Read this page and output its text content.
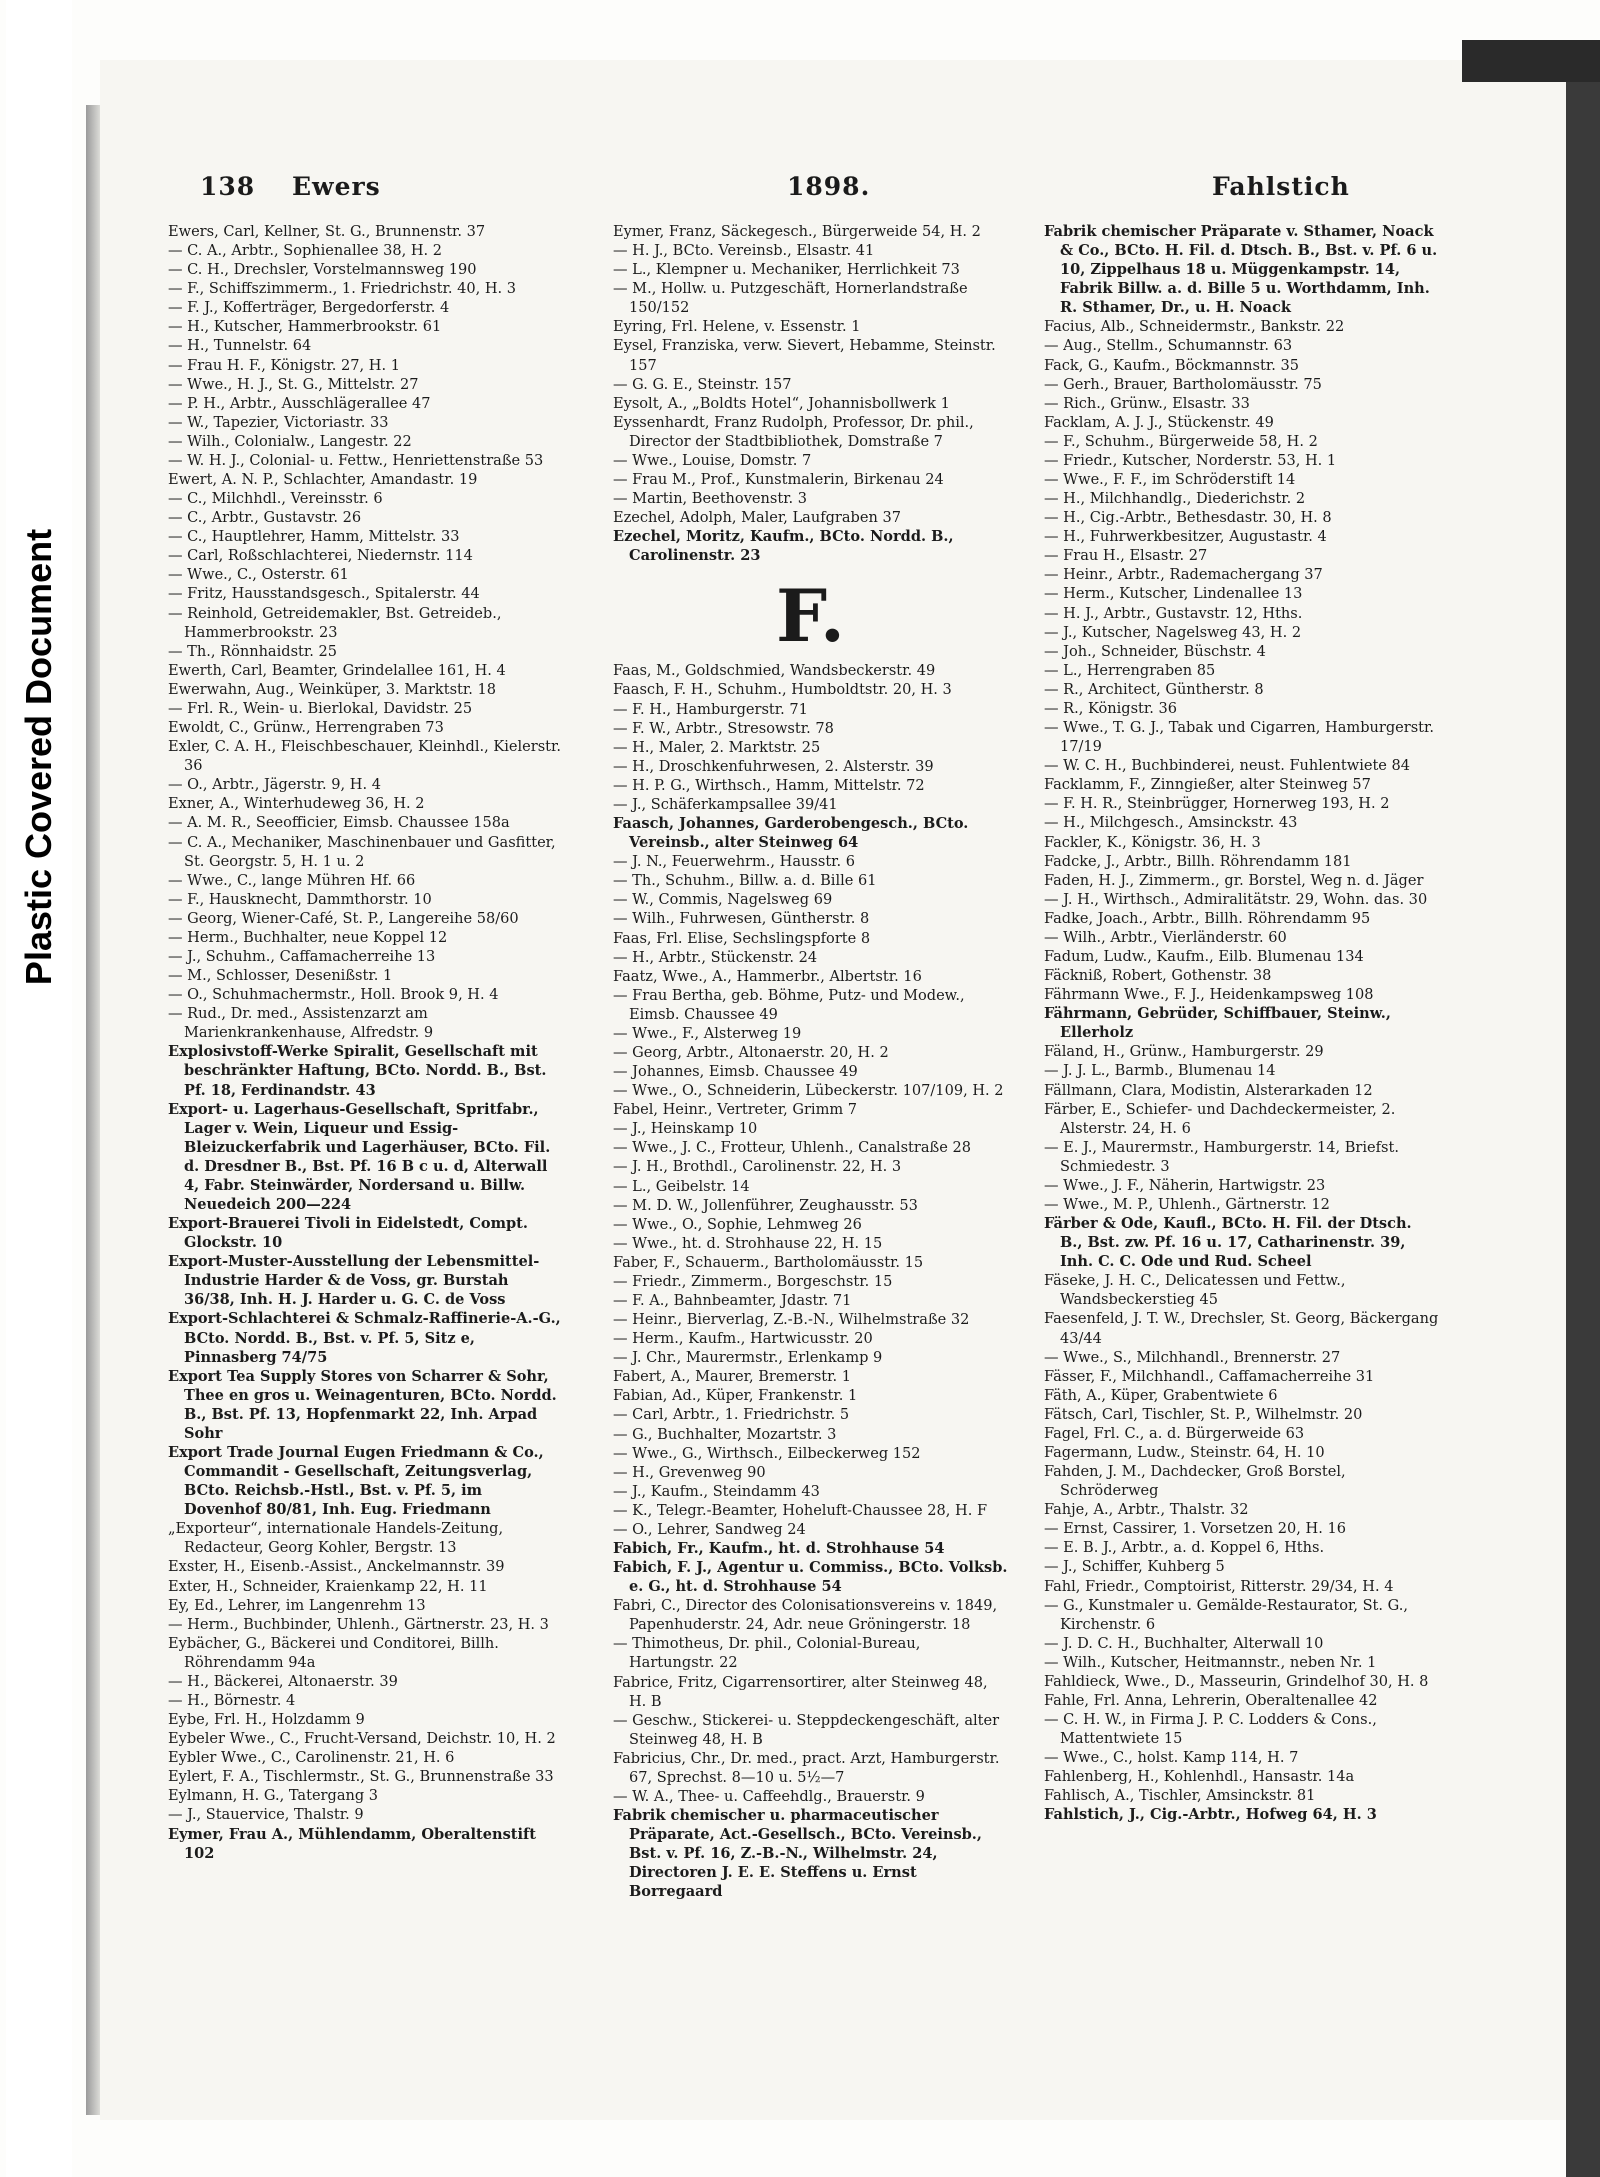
Plastic Covered Document
138 Ewers	1898.	Fahlstich
Ewers, Carl, Kellner, St. G., Brunnenstr. 37
— C. A., Arbtr., Sophienallee 38, H. 2
— C. H., Drechsler, Vorstelmannsweg 190
— F., Schiffszimmerm., 1. Friedrichstr. 40, H. 3
— F. J., Kofferträger, Bergedorferstr. 4
— H., Kutscher, Hammerbrookstr. 61
— H., Tunnelstr. 64
— Frau H. F., Königstr. 27, H. 1
— Wwe., H. J., St. G., Mittelstr. 27
— P. H., Arbtr., Ausschlägerallee 47
— W., Tapezier, Victoriastr. 33
— Wilh., Colonialw., Langestr. 22
— W. H. J., Colonial- u. Fettw., Henriettenstraße 53
Ewert, A. N. P., Schlachter, Amandastr. 19
— C., Milchhdl., Vereinsstr. 6
— C., Arbtr., Gustavstr. 26
— C., Hauptlehrer, Hamm, Mittelstr. 33
— Carl, Roßschlachterei, Niedernstr. 114
— Wwe., C., Osterstr. 61
— Fritz, Hausstandsgesch., Spitalerstr. 44
— Reinhold, Getreidemakler, Bst. Getreideb., Hammerbrookstr. 23
— Th., Rönnhaidstr. 25
Ewerth, Carl, Beamter, Grindelallee 161, H. 4
Ewerwahn, Aug., Weinküper, 3. Marktstr. 18
— Frl. R., Wein- u. Bierlokal, Davidstr. 25
Ewoldt, C., Grünw., Herrengraben 73
Exler, C. A. H., Fleischbeschauer, Kleinhdl., Kielerstr. 36
— O., Arbtr., Jägerstr. 9, H. 4
Exner, A., Winterhudeweg 36, H. 2
— A. M. R., Seeofficier, Eimsb. Chaussee 158a
— C. A., Mechaniker, Maschinenbauer und Gasfitter, St. Georgstr. 5, H. 1 u. 2
— Wwe., C., lange Mühren Hf. 66
— F., Hausknecht, Dammthorstr. 10
— Georg, Wiener-Café, St. P., Langereihe 58/60
— Herm., Buchhalter, neue Koppel 12
— J., Schuhm., Caffamacherreihe 13
— M., Schlosser, Desenißstr. 1
— O., Schuhmachermstr., Holl. Brook 9, H. 4
— Rud., Dr. med., Assistenzarzt am Marienkrankenhause, Alfredstr. 9
Explosivstoff-Werke Spiralit, Gesellschaft mit beschränkter Haftung, BCto. Nordd. B., Bst. Pf. 18, Ferdinandstr. 43
Export- u. Lagerhaus-Gesellschaft, Spritfabr., Lager v. Wein, Liqueur und Essig-Bleizuckerfabrik und Lagerhäuser, BCto. Fil. d. Dresdner B., Bst. Pf. 16 B c u. d, Alterwall 4, Fabr. Steinwärder, Nordersand u. Billw. Neuedeich 200—224
Export-Brauerei Tivoli in Eidelstedt, Compt. Glockstr. 10
Export-Muster-Ausstellung der Lebensmittel-Industrie Harder & de Voss, gr. Burstah 36/38, Inh. H. J. Harder u. G. C. de Voss
Export-Schlachterei & Schmalz-Raffinerie-A.-G., BCto. Nordd. B., Bst. v. Pf. 5, Sitz e, Pinnasberg 74/75
Export Tea Supply Stores von Scharrer & Sohr, Thee en gros u. Weinagenturen, BCto. Nordd. B., Bst. Pf. 13, Hopfenmarkt 22, Inh. Arpad Sohr
Export Trade Journal Eugen Friedmann & Co., Commandit - Gesellschaft, Zeitungsverlag, BCto. Reichsb.-Hstl., Bst. v. Pf. 5, im Dovenhof 80/81, Inh. Eug. Friedmann
„Exporteur“, internationale Handels-Zeitung, Redacteur, Georg Kohler, Bergstr. 13
Exster, H., Eisenb.-Assist., Anckelmannstr. 39
Exter, H., Schneider, Kraienkamp 22, H. 11
Ey, Ed., Lehrer, im Langenrehm 13
— Herm., Buchbinder, Uhlenh., Gärtnerstr. 23, H. 3
Eybächer, G., Bäckerei und Conditorei, Billh. Röhrendamm 94a
— H., Bäckerei, Altonaerstr. 39
— H., Börnestr. 4
Eybe, Frl. H., Holzdamm 9
Eybeler Wwe., C., Frucht-Versand, Deichstr. 10, H. 2
Eybler Wwe., C., Carolinenstr. 21, H. 6
Eylert, F. A., Tischlermstr., St. G., Brunnenstraße 33
Eylmann, H. G., Tatergang 3
— J., Stauervice, Thalstr. 9
Eymer, Frau A., Mühlendamm, Oberaltenstift 102
Eymer, Franz, Säckegesch., Bürgerweide 54, H. 2
— H. J., BCto. Vereinsb., Elsastr. 41
— L., Klempner u. Mechaniker, Herrlichkeit 73
— M., Hollw. u. Putzgeschäft, Hornerlandstraße 150/152
Eyring, Frl. Helene, v. Essenstr. 1
Eysel, Franziska, verw. Sievert, Hebamme, Steinstr. 157
— G. G. E., Steinstr. 157
Eysolt, A., „Boldts Hotel“, Johannisbollwerk 1
Eyssenhardt, Franz Rudolph, Professor, Dr. phil., Director der Stadtbibliothek, Domstraße 7
— Wwe., Louise, Domstr. 7
— Frau M., Prof., Kunstmalerin, Birkenau 24
— Martin, Beethovenstr. 3
Ezechel, Adolph, Maler, Laufgraben 37
Ezechel, Moritz, Kaufm., BCto. Nordd. B., Carolinenstr. 23
F.
Faas, M., Goldschmied, Wandsbeckerstr. 49
Faasch, F. H., Schuhm., Humboldtstr. 20, H. 3
— F. H., Hamburgerstr. 71
— F. W., Arbtr., Stresowstr. 78
— H., Maler, 2. Marktstr. 25
— H., Droschkenfuhrwesen, 2. Alsterstr. 39
— H. P. G., Wirthsch., Hamm, Mittelstr. 72
— J., Schäferkampsallee 39/41
Faasch, Johannes, Garderobengesch., BCto. Vereinsb., alter Steinweg 64
— J. N., Feuerwehrm., Hausstr. 6
— Th., Schuhm., Billw. a. d. Bille 61
— W., Commis, Nagelsweg 69
— Wilh., Fuhrwesen, Güntherstr. 8
Faas, Frl. Elise, Sechslingspforte 8
— H., Arbtr., Stückenstr. 24
Faatz, Wwe., A., Hammerbr., Albertstr. 16
— Frau Bertha, geb. Böhme, Putz- und Modew., Eimsb. Chaussee 49
— Wwe., F., Alsterweg 19
— Georg, Arbtr., Altonaerstr. 20, H. 2
— Johannes, Eimsb. Chaussee 49
— Wwe., O., Schneiderin, Lübeckerstr. 107/109, H. 2
Fabel, Heinr., Vertreter, Grimm 7
— J., Heinskamp 10
— Wwe., J. C., Frotteur, Uhlenh., Canalstraße 28
— J. H., Brothdl., Carolinenstr. 22, H. 3
— L., Geibelstr. 14
— M. D. W., Jollenführer, Zeughausstr. 53
— Wwe., O., Sophie, Lehmweg 26
— Wwe., ht. d. Strohhause 22, H. 15
Faber, F., Schauerm., Bartholomäusstr. 15
— Friedr., Zimmerm., Borgeschstr. 15
— F. A., Bahnbeamter, Jdastr. 71
— Heinr., Bierverlag, Z.-B.-N., Wilhelmstraße 32
— Herm., Kaufm., Hartwicusstr. 20
— J. Chr., Maurermstr., Erlenkamp 9
Fabert, A., Maurer, Bremerstr. 1
Fabian, Ad., Küper, Frankenstr. 1
— Carl, Arbtr., 1. Friedrichstr. 5
— G., Buchhalter, Mozartstr. 3
— Wwe., G., Wirthsch., Eilbeckerweg 152
— H., Grevenweg 90
— J., Kaufm., Steindamm 43
— K., Telegr.-Beamter, Hoheluft-Chaussee 28, H. F
— O., Lehrer, Sandweg 24
Fabich, Fr., Kaufm., ht. d. Strohhause 54
Fabich, F. J., Agentur u. Commiss., BCto. Volksb. e. G., ht. d. Strohhause 54
Fabri, C., Director des Colonisationsvereins v. 1849, Papenhuderstr. 24, Adr. neue Gröningerstr. 18
— Thimotheus, Dr. phil., Colonial-Bureau, Hartungstr. 22
Fabrice, Fritz, Cigarrensortirer, alter Steinweg 48, H. B
— Geschw., Stickerei- u. Steppdeckengeschäft, alter Steinweg 48, H. B
Fabricius, Chr., Dr. med., pract. Arzt, Hamburgerstr. 67, Sprechst. 8—10 u. 5½—7
— W. A., Thee- u. Caffeehdlg., Brauerstr. 9
Fabrik chemischer u. pharmaceutischer Präparate, Act.-Gesellsch., BCto. Vereinsb., Bst. v. Pf. 16, Z.-B.-N., Wilhelmstr. 24, Directoren J. E. E. Steffens u. Ernst Borregaard
Fabrik chemischer Präparate v. Sthamer, Noack & Co., BCto. H. Fil. d. Dtsch. B., Bst. v. Pf. 6 u. 10, Zippelhaus 18 u. Müggenkampstr. 14, Fabrik Billw. a. d. Bille 5 u. Worthdamm, Inh. R. Sthamer, Dr., u. H. Noack
Facius, Alb., Schneidermstr., Bankstr. 22
— Aug., Stellm., Schumannstr. 63
Fack, G., Kaufm., Böckmannstr. 35
— Gerh., Brauer, Bartholomäusstr. 75
— Rich., Grünw., Elsastr. 33
Facklam, A. J. J., Stückenstr. 49
— F., Schuhm., Bürgerweide 58, H. 2
— Friedr., Kutscher, Norderstr. 53, H. 1
— Wwe., F. F., im Schröderstift 14
— H., Milchhandlg., Diederichstr. 2
— H., Cig.-Arbtr., Bethesdastr. 30, H. 8
— H., Fuhrwerkbesitzer, Augustastr. 4
— Frau H., Elsastr. 27
— Heinr., Arbtr., Rademachergang 37
— Herm., Kutscher, Lindenallee 13
— H. J., Arbtr., Gustavstr. 12, Hths.
— J., Kutscher, Nagelsweg 43, H. 2
— Joh., Schneider, Büschstr. 4
— L., Herrengraben 85
— R., Architect, Güntherstr. 8
— R., Königstr. 36
— Wwe., T. G. J., Tabak und Cigarren, Hamburgerstr. 17/19
— W. C. H., Buchbinderei, neust. Fuhlentwiete 84
Facklamm, F., Zinngießer, alter Steinweg 57
— F. H. R., Steinbrügger, Hornerweg 193, H. 2
— H., Milchgesch., Amsinckstr. 43
Fackler, K., Königstr. 36, H. 3
Fadcke, J., Arbtr., Billh. Röhrendamm 181
Faden, H. J., Zimmerm., gr. Borstel, Weg n. d. Jäger
— J. H., Wirthsch., Admiralitätstr. 29, Wohn. das. 30
Fadke, Joach., Arbtr., Billh. Röhrendamm 95
— Wilh., Arbtr., Vierländerstr. 60
Fadum, Ludw., Kaufm., Eilb. Blumenau 134
Fäckniß, Robert, Gothenstr. 38
Fährmann Wwe., F. J., Heidenkampsweg 108
Fährmann, Gebrüder, Schiffbauer, Steinw., Ellerholz
Fäland, H., Grünw., Hamburgerstr. 29
— J. J. L., Barmb., Blumenau 14
Fällmann, Clara, Modistin, Alsterarkaden 12
Färber, E., Schiefer- und Dachdeckermeister, 2. Alsterstr. 24, H. 6
— E. J., Maurermstr., Hamburgerstr. 14, Briefst. Schmiedestr. 3
— Wwe., J. F., Näherin, Hartwigstr. 23
— Wwe., M. P., Uhlenh., Gärtnerstr. 12
Färber & Ode, Kaufl., BCto. H. Fil. der Dtsch. B., Bst. zw. Pf. 16 u. 17, Catharinenstr. 39, Inh. C. C. Ode und Rud. Scheel
Fäseke, J. H. C., Delicatessen und Fettw., Wandsbeckerstieg 45
Faesenfeld, J. T. W., Drechsler, St. Georg, Bäckergang 43/44
— Wwe., S., Milchhandl., Brennerstr. 27
Fässer, F., Milchhandl., Caffamacherreihe 31
Fäth, A., Küper, Grabentwiete 6
Fätsch, Carl, Tischler, St. P., Wilhelmstr. 20
Fagel, Frl. C., a. d. Bürgerweide 63
Fagermann, Ludw., Steinstr. 64, H. 10
Fahden, J. M., Dachdecker, Groß Borstel, Schröderweg
Fahje, A., Arbtr., Thalstr. 32
— Ernst, Cassirer, 1. Vorsetzen 20, H. 16
— E. B. J., Arbtr., a. d. Koppel 6, Hths.
— J., Schiffer, Kuhberg 5
Fahl, Friedr., Comptoirist, Ritterstr. 29/34, H. 4
— G., Kunstmaler u. Gemälde-Restaurator, St. G., Kirchenstr. 6
— J. D. C. H., Buchhalter, Alterwall 10
— Wilh., Kutscher, Heitmannstr., neben Nr. 1
Fahldieck, Wwe., D., Masseurin, Grindelhof 30, H. 8
Fahle, Frl. Anna, Lehrerin, Oberaltenallee 42
— C. H. W., in Firma J. P. C. Lodders & Cons., Mattentwiete 15
— Wwe., C., holst. Kamp 114, H. 7
Fahlenberg, H., Kohlenhdl., Hansastr. 14a
Fahlisch, A., Tischler, Amsinckstr. 81
Fahlstich, J., Cig.-Arbtr., Hofweg 64, H. 3
